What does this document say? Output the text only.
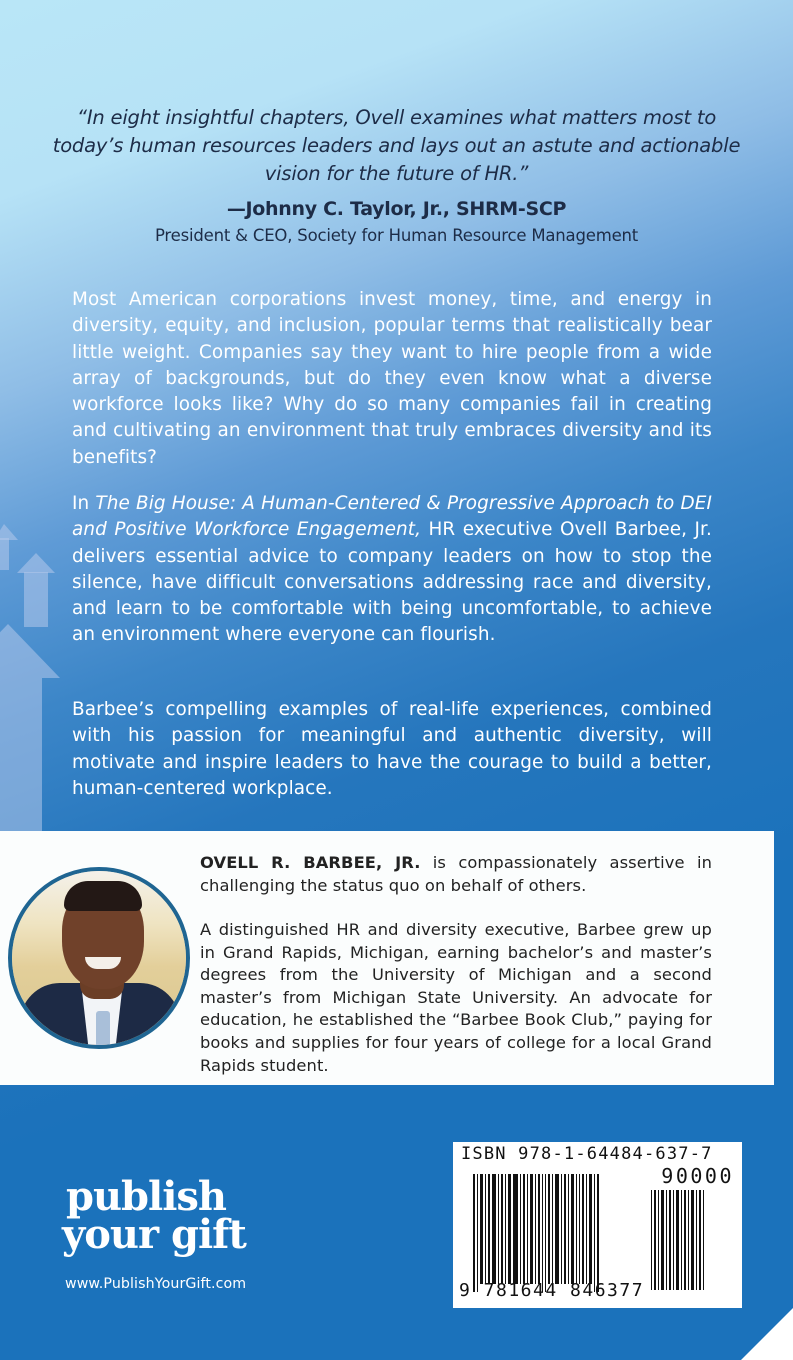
“In eight insightful chapters, Ovell examines what matters most to today’s human resources leaders and lays out an astute and actionable vision for the future of HR.”

—Johnny C. Taylor, Jr., SHRM-SCP
President & CEO, Society for Human Resource Management

Most American corporations invest money, time, and energy in diversity, equity, and inclusion, popular terms that realistically bear little weight. Companies say they want to hire people from a wide array of backgrounds, but do they even know what a diverse workforce looks like? Why do so many companies fail in creating and cultivating an environment that truly embraces diversity and its benefits?

In The Big House: A Human-Centered & Progressive Approach to DEI and Positive Workforce Engagement, HR executive Ovell Barbee, Jr. delivers essential advice to company leaders on how to stop the silence, have difficult conversations addressing race and diversity, and learn to be comfortable with being uncomfortable, to achieve an environment where everyone can flourish.

Barbee’s compelling examples of real-life experiences, combined with his passion for meaningful and authentic diversity, will motivate and inspire leaders to have the courage to build a better, human-centered workplace.

OVELL R. BARBEE, JR. is compassionately assertive in challenging the status quo on behalf of others.

A distinguished HR and diversity executive, Barbee grew up in Grand Rapids, Michigan, earning bachelor’s and master’s degrees from the University of Michigan and a second master’s from Michigan State University. An advocate for education, he established the “Barbee Book Club,” paying for books and supplies for four years of college for a local Grand Rapids student.

publish
your gift
www.PublishYourGift.com
ISBN 978-1-64484-637-7
90000
9 781644 846377
